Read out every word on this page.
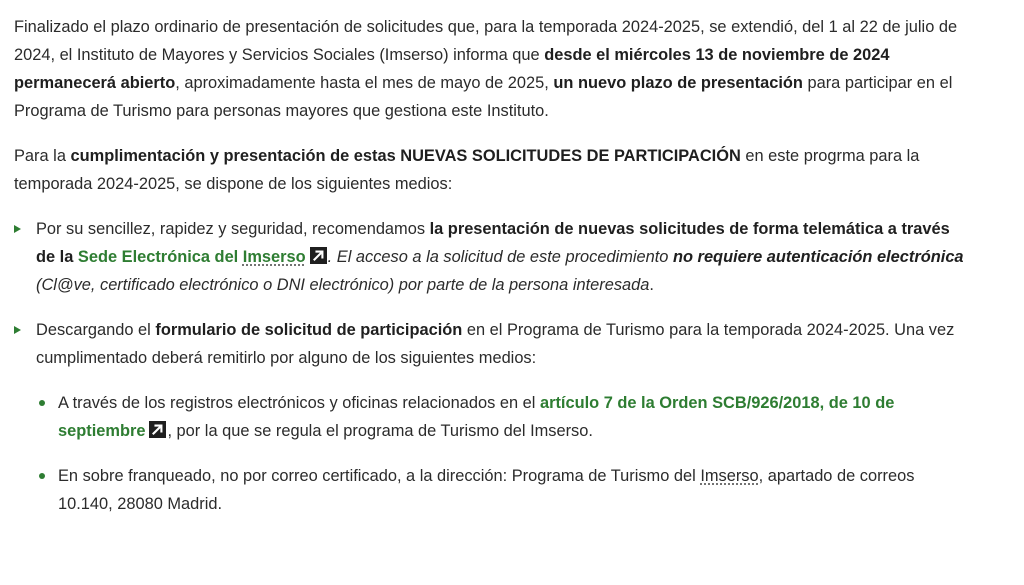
Finalizado el plazo ordinario de presentación de solicitudes que, para la temporada 2024-2025, se extendió, del 1 al 22 de julio de 2024, el Instituto de Mayores y Servicios Sociales (Imserso) informa que desde el miércoles 13 de noviembre de 2024 permanecerá abierto, aproximadamente hasta el mes de mayo de 2025, un nuevo plazo de presentación para participar en el Programa de Turismo para personas mayores que gestiona este Instituto.

Para la cumplimentación y presentación de estas NUEVAS SOLICITUDES DE PARTICIPACIÓN en este progrma para la temporada 2024-2025, se dispone de los siguientes medios:

Por su sencillez, rapidez y seguridad, recomendamos la presentación de nuevas solicitudes de forma telemática a través de la Sede Electrónica del Imserso . El acceso a la solicitud de este procedimiento no requiere autenticación electrónica (Cl@ve, certificado electrónico o DNI electrónico) por parte de la persona interesada.
Descargando el formulario de solicitud de participación en el Programa de Turismo para la temporada 2024-2025. Una vez cumplimentado deberá remitirlo por alguno de los siguientes medios:
A través de los registros electrónicos y oficinas relacionados en el artículo 7 de la Orden SCB/926/2018, de 10 de septiembre , por la que se regula el programa de Turismo del Imserso.
En sobre franqueado, no por correo certificado, a la dirección: Programa de Turismo del Imserso, apartado de correos 10.140, 28080 Madrid.
